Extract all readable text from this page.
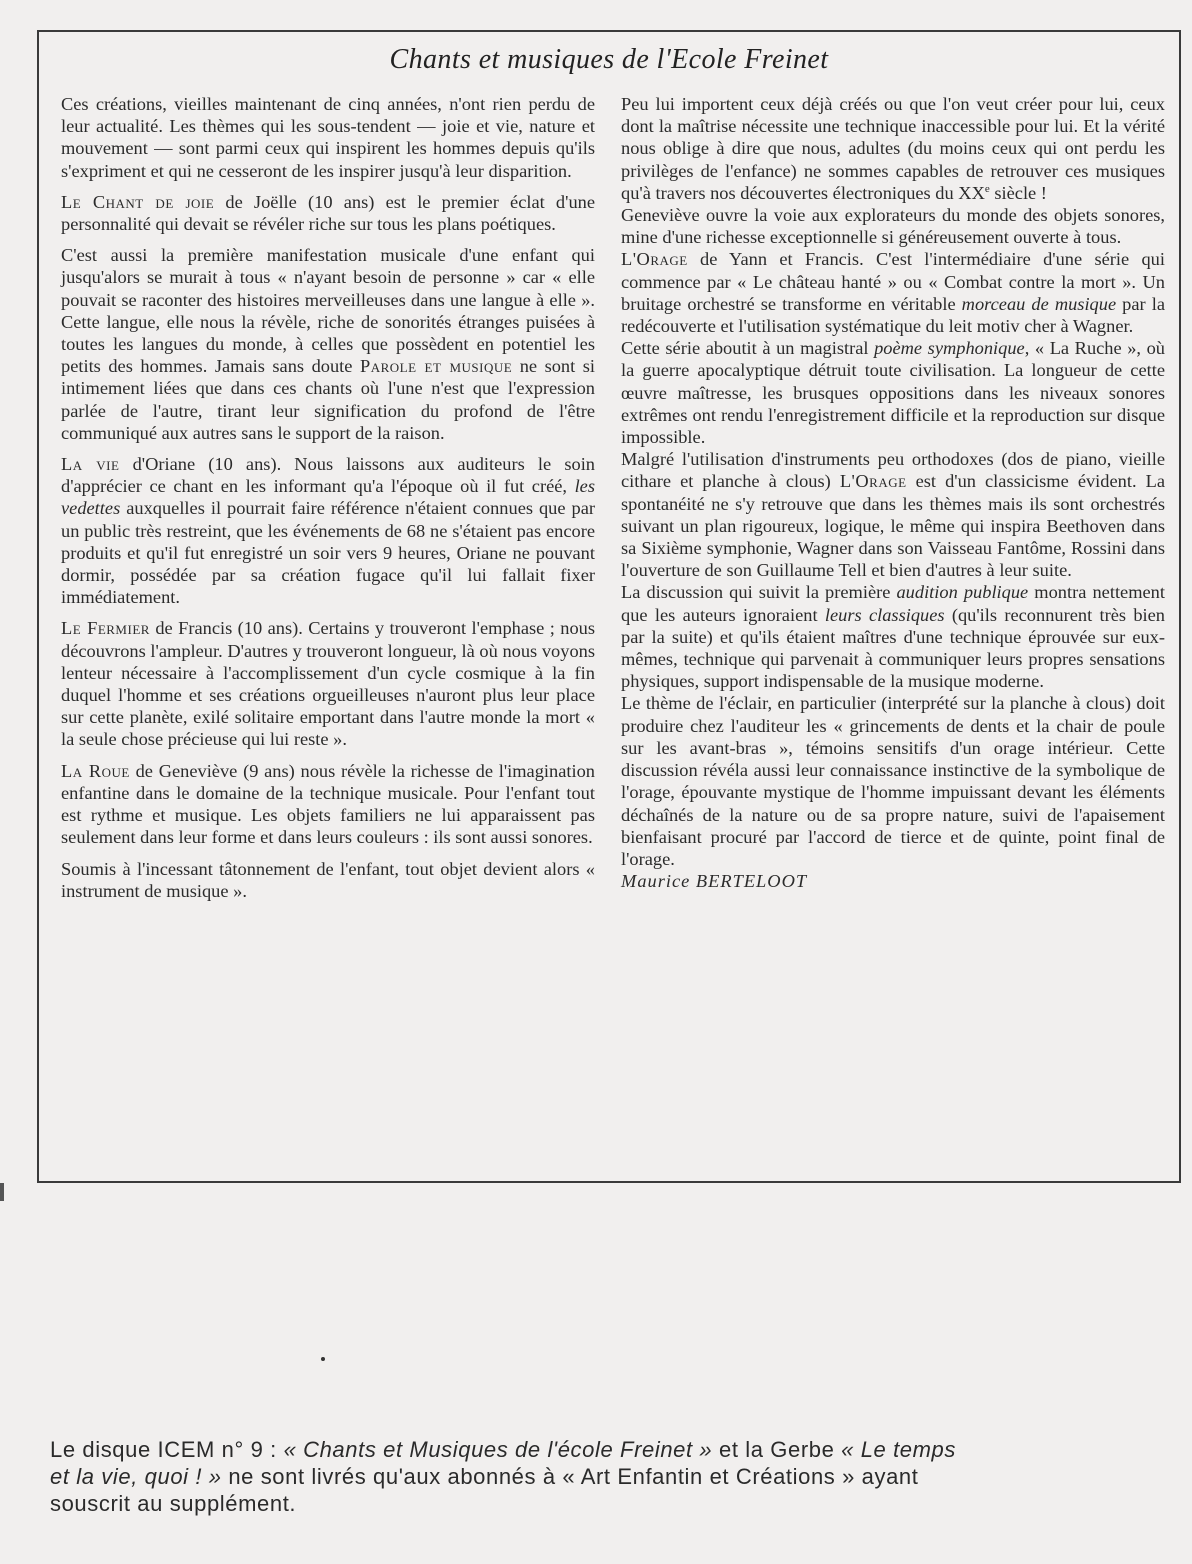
Chants et musiques de l'Ecole Freinet

Ces créations, vieilles maintenant de cinq années, n'ont rien perdu de leur actualité. Les thèmes qui les sous-tendent — joie et vie, nature et mouvement — sont parmi ceux qui inspirent les hommes depuis qu'ils s'expriment et qui ne cesseront de les inspirer jusqu'à leur disparition.

Le Chant de joie de Joëlle (10 ans) est le premier éclat d'une personnalité qui devait se révéler riche sur tous les plans poétiques.

C'est aussi la première manifestation musicale d'une enfant qui jusqu'alors se murait à tous « n'ayant besoin de personne » car « elle pouvait se raconter des histoires merveilleuses dans une langue à elle ». Cette langue, elle nous la révèle, riche de sonorités étranges puisées à toutes les langues du monde, à celles que possèdent en potentiel les petits des hommes. Jamais sans doute Parole et musique ne sont si intimement liées que dans ces chants où l'une n'est que l'expression parlée de l'autre, tirant leur signification du profond de l'être communiqué aux autres sans le support de la raison.

La vie d'Oriane (10 ans). Nous laissons aux auditeurs le soin d'apprécier ce chant en les informant qu'a l'époque où il fut créé, les vedettes auxquelles il pourrait faire référence n'étaient connues que par un public très restreint, que les événements de 68 ne s'étaient pas encore produits et qu'il fut enregistré un soir vers 9 heures, Oriane ne pouvant dormir, possédée par sa création fugace qu'il lui fallait fixer immédiatement.

Le Fermier de Francis (10 ans). Certains y trouveront l'emphase ; nous découvrons l'ampleur. D'autres y trouveront longueur, là où nous voyons lenteur nécessaire à l'accomplissement d'un cycle cosmique à la fin duquel l'homme et ses créations orgueilleuses n'auront plus leur place sur cette planète, exilé solitaire emportant dans l'autre monde la mort « la seule chose précieuse qui lui reste ».

La Roue de Geneviève (9 ans) nous révèle la richesse de l'imagination enfantine dans le domaine de la technique musicale. Pour l'enfant tout est rythme et musique. Les objets familiers ne lui apparaissent pas seulement dans leur forme et dans leurs couleurs : ils sont aussi sonores.

Soumis à l'incessant tâtonnement de l'enfant, tout objet devient alors « instrument de musique ».

Peu lui importent ceux déjà créés ou que l'on veut créer pour lui, ceux dont la maîtrise nécessite une technique inaccessible pour lui. Et la vérité nous oblige à dire que nous, adultes (du moins ceux qui ont perdu les privilèges de l'enfance) ne sommes capables de retrouver ces musiques qu'à travers nos découvertes électroniques du XXe siècle !

Geneviève ouvre la voie aux explorateurs du monde des objets sonores, mine d'une richesse exceptionnelle si généreusement ouverte à tous.

L'Orage de Yann et Francis. C'est l'intermédiaire d'une série qui commence par « Le château hanté » ou « Combat contre la mort ». Un bruitage orchestré se transforme en véritable morceau de musique par la redécouverte et l'utilisation systématique du leit motiv cher à Wagner.

Cette série aboutit à un magistral poème symphonique, « La Ruche », où la guerre apocalyptique détruit toute civilisation. La longueur de cette œuvre maîtresse, les brusques oppositions dans les niveaux sonores extrêmes ont rendu l'enregistrement difficile et la reproduction sur disque impossible.

Malgré l'utilisation d'instruments peu orthodoxes (dos de piano, vieille cithare et planche à clous) L'Orage est d'un classicisme évident. La spontanéité ne s'y retrouve que dans les thèmes mais ils sont orchestrés suivant un plan rigoureux, logique, le même qui inspira Beethoven dans sa Sixième symphonie, Wagner dans son Vaisseau Fantôme, Rossini dans l'ouverture de son Guillaume Tell et bien d'autres à leur suite.

La discussion qui suivit la première audition publique montra nettement que les auteurs ignoraient leurs classiques (qu'ils reconnurent très bien par la suite) et qu'ils étaient maîtres d'une technique éprouvée sur eux-mêmes, technique qui parvenait à communiquer leurs propres sensations physiques, support indispensable de la musique moderne.

Le thème de l'éclair, en particulier (interprété sur la planche à clous) doit produire chez l'auditeur les « grincements de dents et la chair de poule sur les avant-bras », témoins sensitifs d'un orage intérieur. Cette discussion révéla aussi leur connaissance instinctive de la symbolique de l'orage, épouvante mystique de l'homme impuissant devant les éléments déchaînés de la nature ou de sa propre nature, suivi de l'apaisement bienfaisant procuré par l'accord de tierce et de quinte, point final de l'orage.

Maurice BERTELOOT

Le disque ICEM n° 9 : « Chants et Musiques de l'école Freinet » et la Gerbe « Le temps
et la vie, quoi ! » ne sont livrés qu'aux abonnés à « Art Enfantin et Créations » ayant
souscrit au supplément.
